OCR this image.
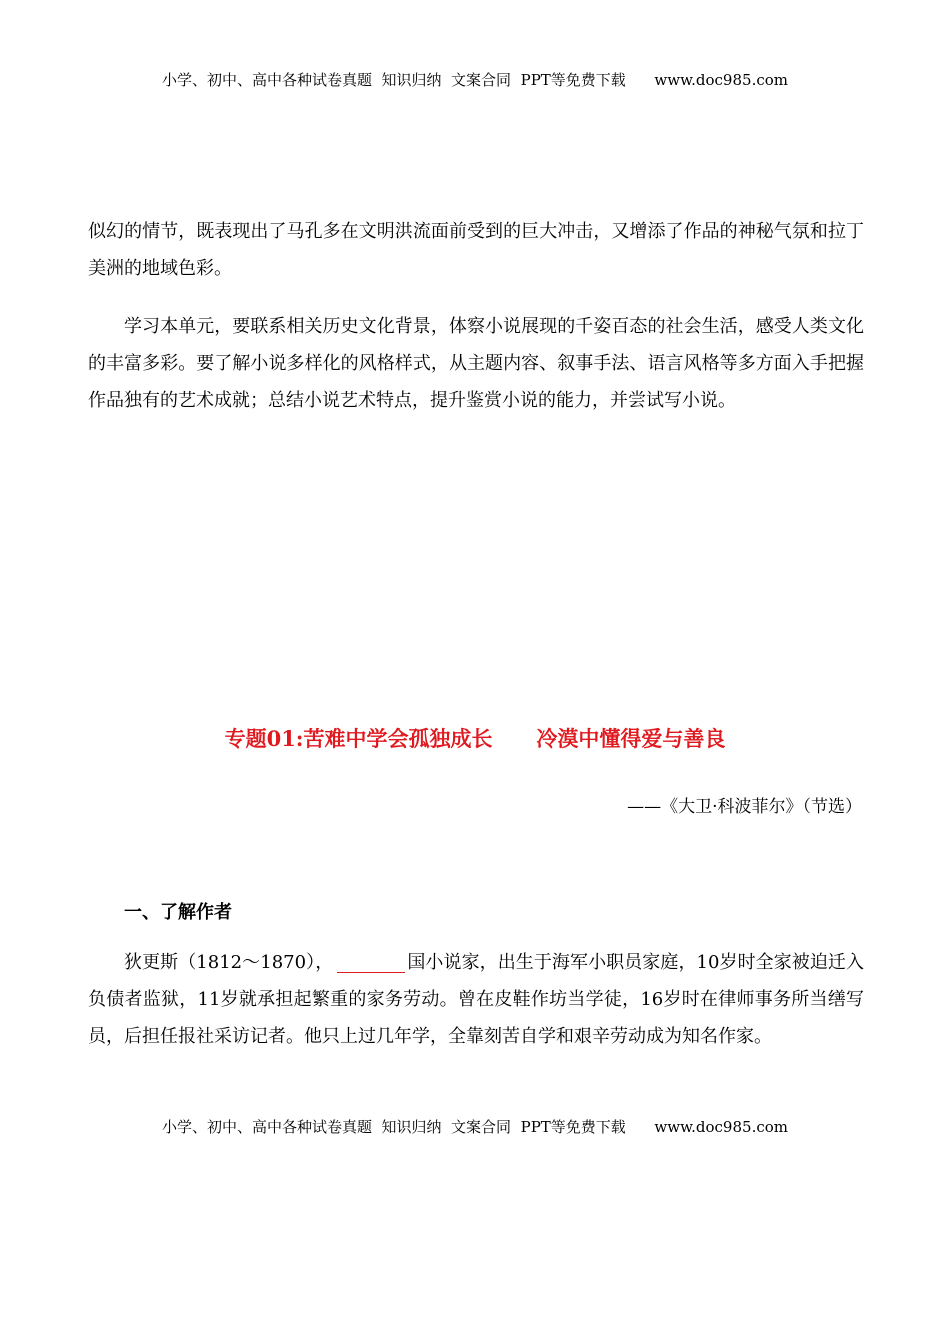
小学、初中、高中各种试卷真题  知识归纳  文案合同  PPT等免费下载      www.doc985.com

似幻的情节，既表现出了马孔多在文明洪流面前受到的巨大冲击，又增添了作品的神秘气氛和拉丁美洲的地域色彩。

学习本单元，要联系相关历史文化背景，体察小说展现的千姿百态的社会生活，感受人类文化的丰富多彩。要了解小说多样化的风格样式，从主题内容、叙事手法、语言风格等多方面入手把握作品独有的艺术成就；总结小说艺术特点，提升鉴赏小说的能力，并尝试写小说。

专题01:苦难中学会孤独成长      冷漠中懂得爱与善良
——《大卫·科波菲尔》（节选）
一、了解作者

狄更斯（1812～1870），	国小说家，出生于海军小职员家庭，10岁时全家被迫迁入负债者监狱，11岁就承担起繁重的家务劳动。曾在皮鞋作坊当学徒，16岁时在律师事务所当缮写员，后担任报社采访记者。他只上过几年学，全靠刻苦自学和艰辛劳动成为知名作家。

小学、初中、高中各种试卷真题  知识归纳  文案合同  PPT等免费下载      www.doc985.com
